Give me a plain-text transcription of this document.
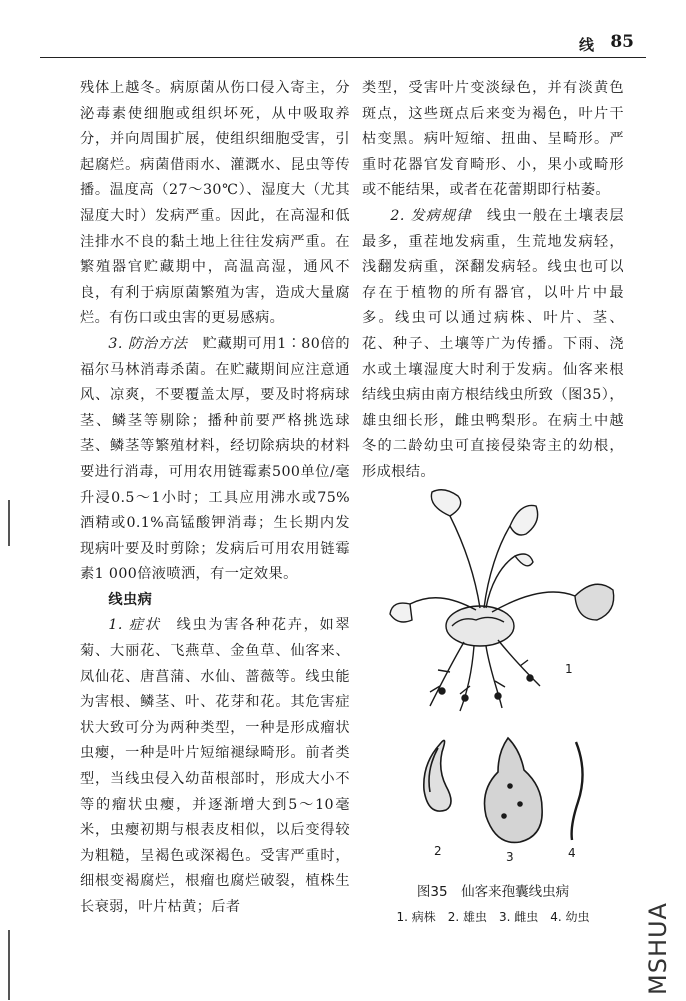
线 85

残体上越冬。病原菌从伤口侵入寄主，分泌毒素使细胞或组织坏死，从中吸取养分，并向周围扩展，使组织细胞受害，引起腐烂。病菌借雨水、灌溉水、昆虫等传播。温度高（27～30℃）、湿度大（尤其湿度大时）发病严重。因此，在高湿和低洼排水不良的黏土地上往往发病严重。在繁殖器官贮藏期中，高温高湿，通风不良，有利于病原菌繁殖为害，造成大量腐烂。有伤口或虫害的更易感病。

3. 防治方法　 贮藏期可用1∶80倍的福尔马林消毒杀菌。在贮藏期间应注意通风、凉爽，不要覆盖太厚，要及时将病球茎、鳞茎等剔除；播种前要严格挑选球茎、鳞茎等繁殖材料，经切除病块的材料要进行消毒，可用农用链霉素500单位/毫升浸0.5～1小时；工具应用沸水或75%酒精或0.1%高锰酸钾消毒；生长期内发现病叶要及时剪除；发病后可用农用链霉素1 000倍液喷洒，有一定效果。

线虫病

1. 症状　 线虫为害各种花卉，如翠菊、大丽花、飞燕草、金鱼草、仙客来、凤仙花、唐菖蒲、水仙、蔷薇等。线虫能为害根、鳞茎、叶、花芽和花。其危害症状大致可分为两种类型，一种是形成瘤状虫瘿，一种是叶片短缩褪绿畸形。前者类型，当线虫侵入幼苗根部时，形成大小不等的瘤状虫瘿，并逐渐增大到5～10毫米，虫瘿初期与根表皮相似，以后变得较为粗糙，呈褐色或深褐色。受害严重时，细根变褐腐烂，根瘤也腐烂破裂，植株生长衰弱，叶片枯黄；后者

类型，受害叶片变淡绿色，并有淡黄色斑点，这些斑点后来变为褐色，叶片干枯变黑。病叶短缩、扭曲、呈畸形。严重时花器官发育畸形、小，果小或畸形或不能结果，或者在花蕾期即行枯萎。

2. 发病规律　 线虫一般在土壤表层最多，重茬地发病重，生荒地发病轻，浅翻发病重，深翻发病轻。线虫也可以存在于植物的所有器官，以叶片中最多。线虫可以通过病株、叶片、茎、花、种子、土壤等广为传播。下雨、浇水或土壤湿度大时利于发病。仙客来根结线虫病由南方根结线虫所致（图35），雄虫细长形，雌虫鸭梨形。在病土中越冬的二龄幼虫可直接侵染寄主的幼根，形成根结。

1
2	3	4
图35　仙客来孢囊线虫病
1. 病株　2. 雄虫　3. 雌虫　4. 幼虫	MSHUA
